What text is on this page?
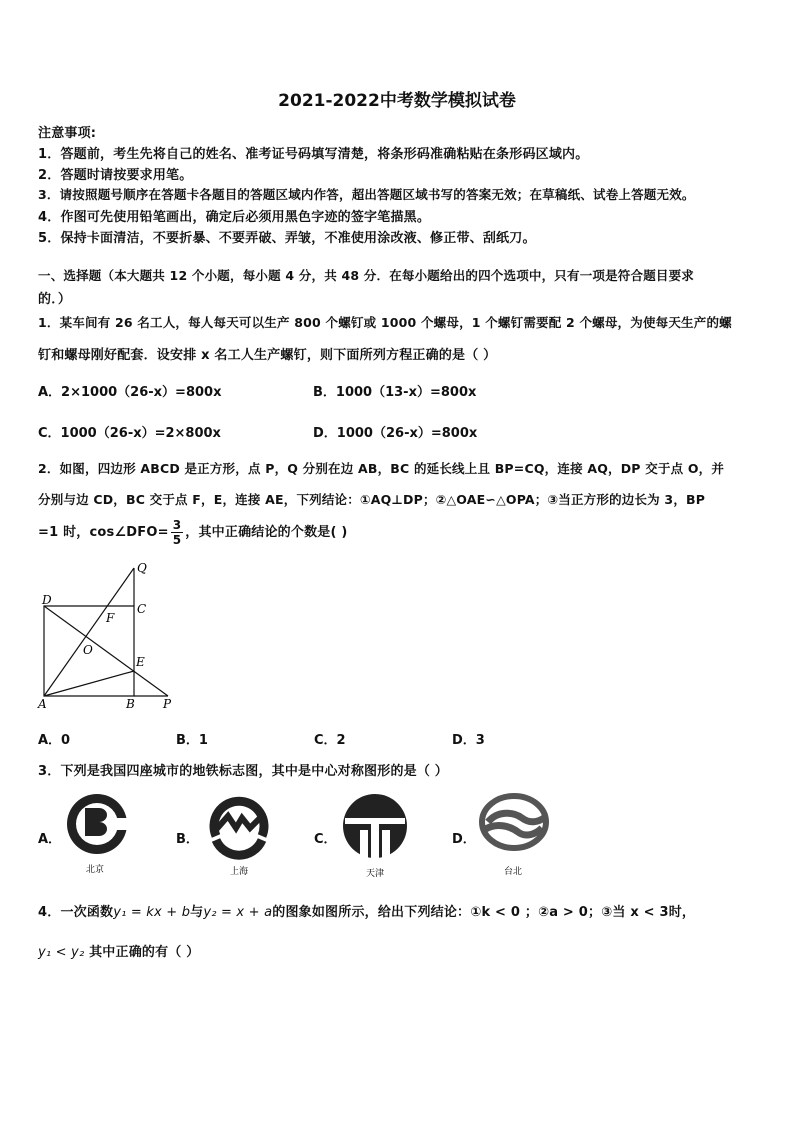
2021-2022中考数学模拟试卷
注意事项:
1．答题前，考生先将自己的姓名、准考证号码填写清楚，将条形码准确粘贴在条形码区域内。
2．答题时请按要求用笔。
3．请按照题号顺序在答题卡各题目的答题区域内作答，超出答题区域书写的答案无效；在草稿纸、试卷上答题无效。
4．作图可先使用铅笔画出，确定后必须用黑色字迹的签字笔描黑。
5．保持卡面清洁，不要折暴、不要弄破、弄皱，不准使用涂改液、修正带、刮纸刀。
一、选择题（本大题共 12 个小题，每小题 4 分，共 48 分．在每小题给出的四个选项中，只有一项是符合题目要求
的．）
1．某车间有 26 名工人，每人每天可以生产 800 个螺钉或 1000 个螺母，1 个螺钉需要配 2 个螺母，为使每天生产的螺
钉和螺母刚好配套．设安排 x 名工人生产螺钉，则下面所列方程正确的是（ ）
A．2×1000（26-x）=800x	B．1000（13-x）=800x
C．1000（26-x）=2×800x	D．1000（26-x）=800x
2．如图，四边形 ABCD 是正方形，点 P，Q 分别在边 AB，BC 的延长线上且 BP=CQ，连接 AQ，DP 交于点 O，并
分别与边 CD，BC 交于点 F，E，连接 AE，下列结论：①AQ⊥DP；②△OAE∽△OPA；③当正方形的边长为 3，BP
=1 时，cos∠DFO= $\frac{3}{5}$ ，其中正确结论的个数是( )
Q
D
C
F
O
E
A	B P
A．0	B．1	C．2	D．3
3．下列是我国四座城市的地铁标志图，其中是中心对称图形的是（ ）
A．
北京
B．
上海
C．
天津
D．
台北
4．一次函数y₁ = kx + b与y₂ = x + a的图象如图所示，给出下列结论：①k < 0 ；②a > 0；③当 x < 3时，
y₁ < y₂ 其中正确的有（ ）
